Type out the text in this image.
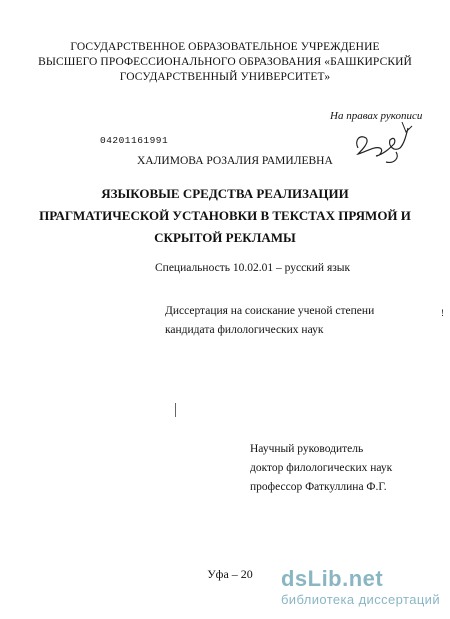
ГОСУДАРСТВЕННОЕ ОБРАЗОВАТЕЛЬНОЕ УЧРЕЖДЕНИЕ
ВЫСШЕГО ПРОФЕССИОНАЛЬНОГО ОБРАЗОВАНИЯ «БАШКИРСКИЙ
ГОСУДАРСТВЕННЫЙ УНИВЕРСИТЕТ»
На правах рукописи
04201161991
ХАЛИМОВА РОЗАЛИЯ РАМИЛЕВНА
ЯЗЫКОВЫЕ СРЕДСТВА РЕАЛИЗАЦИИ
ПРАГМАТИЧЕСКОЙ УСТАНОВКИ В ТЕКСТАХ ПРЯМОЙ И
СКРЫТОЙ РЕКЛАМЫ
Специальность 10.02.01 – русский язык
Диссертация на соискание ученой степени
кандидата филологических наук
!
Научный руководитель
доктор филологических наук
профессор Фаткуллина Ф.Г.
Уфа – 20	dsLib.net
библиотека диссертаций
